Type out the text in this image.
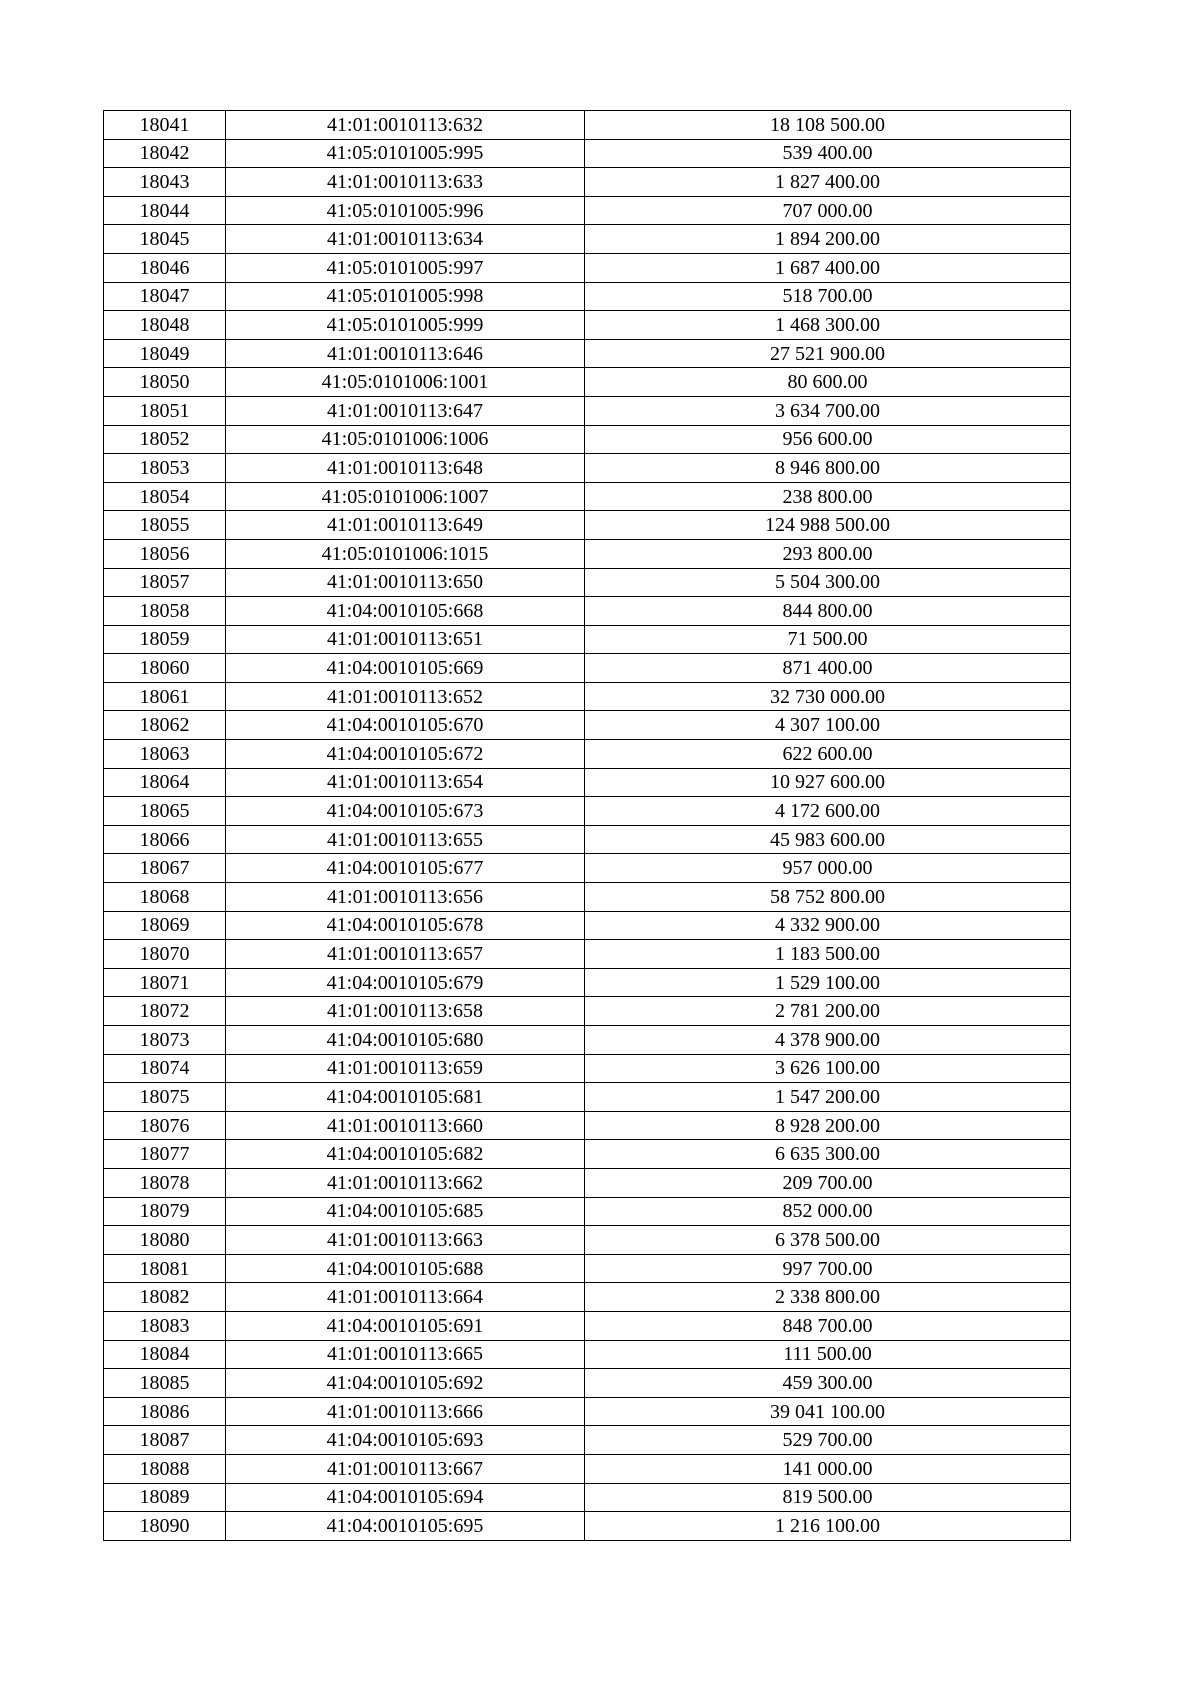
18041	41:01:0010113:632	18 108 500.00
18042	41:05:0101005:995	539 400.00
18043	41:01:0010113:633	1 827 400.00
18044	41:05:0101005:996	707 000.00
18045	41:01:0010113:634	1 894 200.00
18046	41:05:0101005:997	1 687 400.00
18047	41:05:0101005:998	518 700.00
18048	41:05:0101005:999	1 468 300.00
18049	41:01:0010113:646	27 521 900.00
18050	41:05:0101006:1001	80 600.00
18051	41:01:0010113:647	3 634 700.00
18052	41:05:0101006:1006	956 600.00
18053	41:01:0010113:648	8 946 800.00
18054	41:05:0101006:1007	238 800.00
18055	41:01:0010113:649	124 988 500.00
18056	41:05:0101006:1015	293 800.00
18057	41:01:0010113:650	5 504 300.00
18058	41:04:0010105:668	844 800.00
18059	41:01:0010113:651	71 500.00
18060	41:04:0010105:669	871 400.00
18061	41:01:0010113:652	32 730 000.00
18062	41:04:0010105:670	4 307 100.00
18063	41:04:0010105:672	622 600.00
18064	41:01:0010113:654	10 927 600.00
18065	41:04:0010105:673	4 172 600.00
18066	41:01:0010113:655	45 983 600.00
18067	41:04:0010105:677	957 000.00
18068	41:01:0010113:656	58 752 800.00
18069	41:04:0010105:678	4 332 900.00
18070	41:01:0010113:657	1 183 500.00
18071	41:04:0010105:679	1 529 100.00
18072	41:01:0010113:658	2 781 200.00
18073	41:04:0010105:680	4 378 900.00
18074	41:01:0010113:659	3 626 100.00
18075	41:04:0010105:681	1 547 200.00
18076	41:01:0010113:660	8 928 200.00
18077	41:04:0010105:682	6 635 300.00
18078	41:01:0010113:662	209 700.00
18079	41:04:0010105:685	852 000.00
18080	41:01:0010113:663	6 378 500.00
18081	41:04:0010105:688	997 700.00
18082	41:01:0010113:664	2 338 800.00
18083	41:04:0010105:691	848 700.00
18084	41:01:0010113:665	111 500.00
18085	41:04:0010105:692	459 300.00
18086	41:01:0010113:666	39 041 100.00
18087	41:04:0010105:693	529 700.00
18088	41:01:0010113:667	141 000.00
18089	41:04:0010105:694	819 500.00
18090	41:04:0010105:695	1 216 100.00
